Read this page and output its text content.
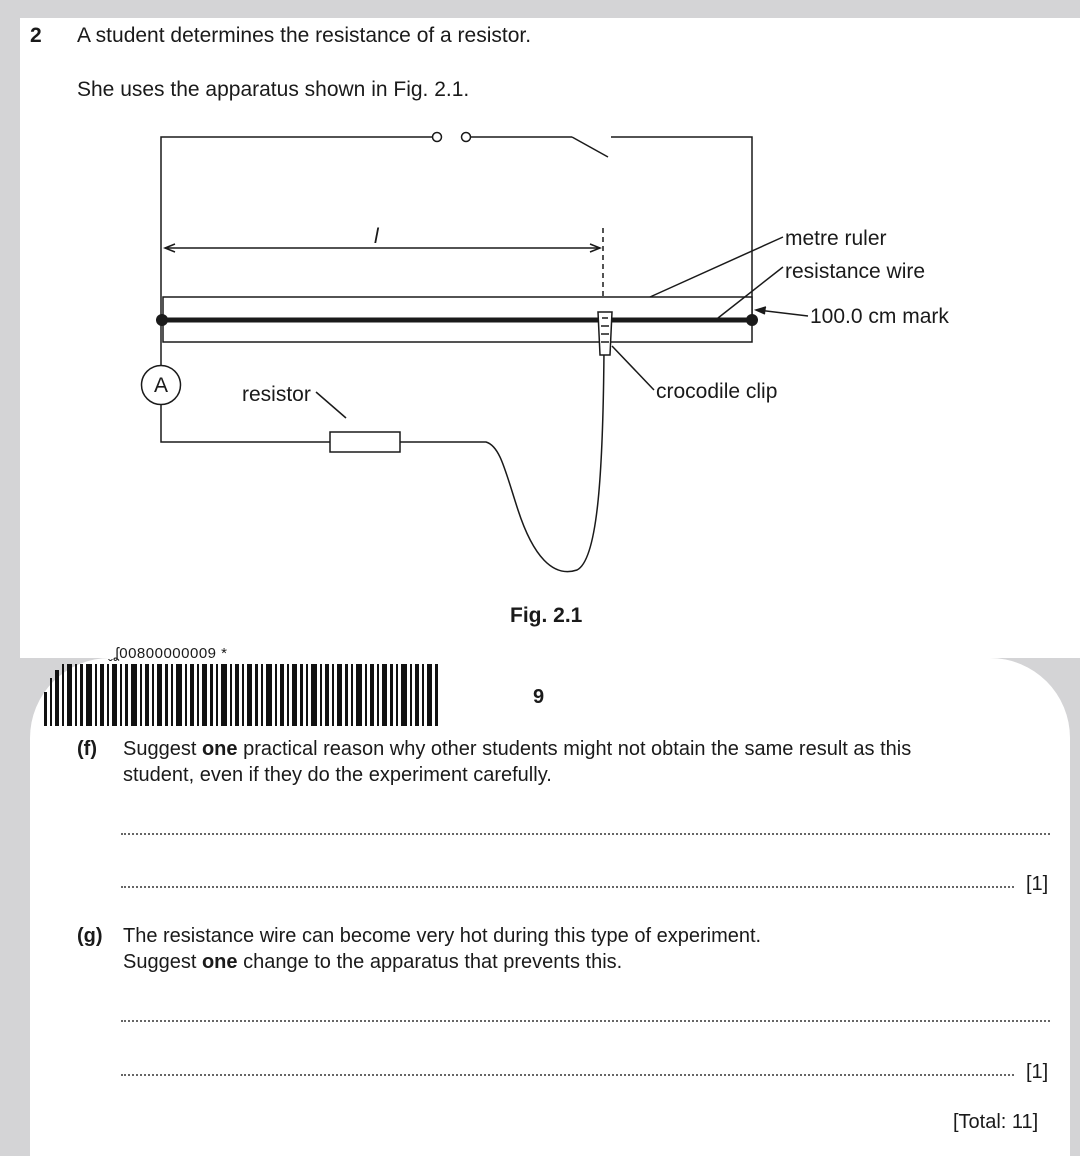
2 A student determines the resistance of a resistor.
She uses the apparatus shown in Fig. 2.1.
l	metre ruler
resistance wire
100.0 cm mark
A	resistor	crocodile clip
Fig. 2.1
ˬʆ00800000009 *
9
(f) Suggest one practical reason why other students might not obtain the same result as this
student, even if they do the experiment carefully.
[1]
(g) The resistance wire can become very hot during this type of experiment.
Suggest one change to the apparatus that prevents this.
[1]
[Total: 11]
